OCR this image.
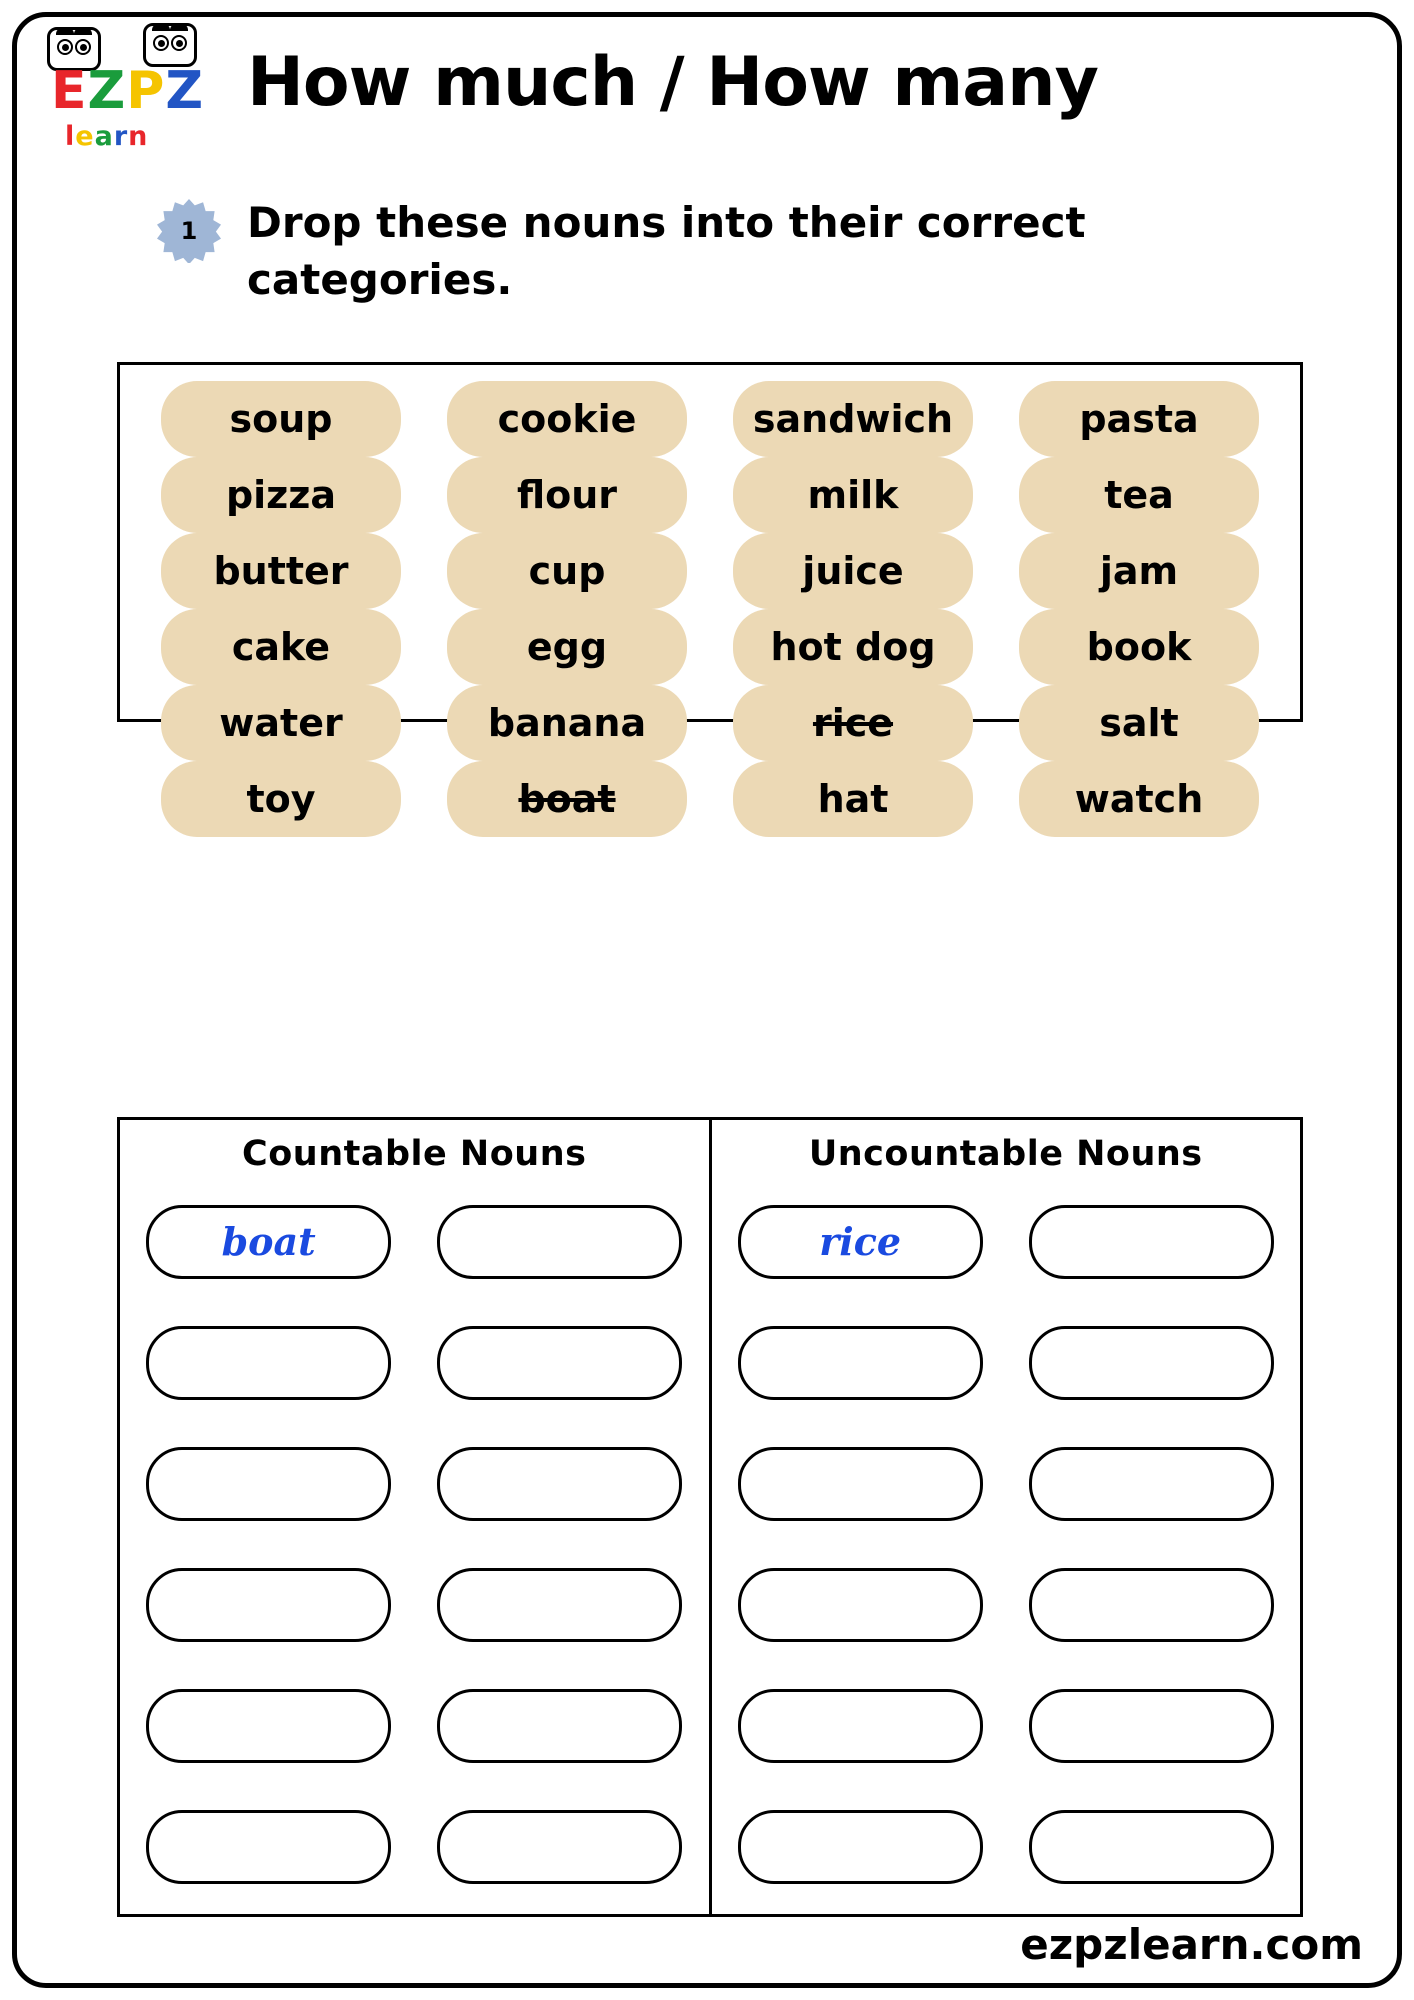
EZPZ
learn
How much / How many
1 Drop these nouns into their correct categories.
soup	cookie	sandwich	pasta
pizza	flour	milk	tea
butter	cup	juice	jam
cake	egg	hot dog	book
water	banana	rice	salt
toy	boat	hat	watch
Countable Nouns
boat
Uncountable Nouns
rice
ezpzlearn.com
